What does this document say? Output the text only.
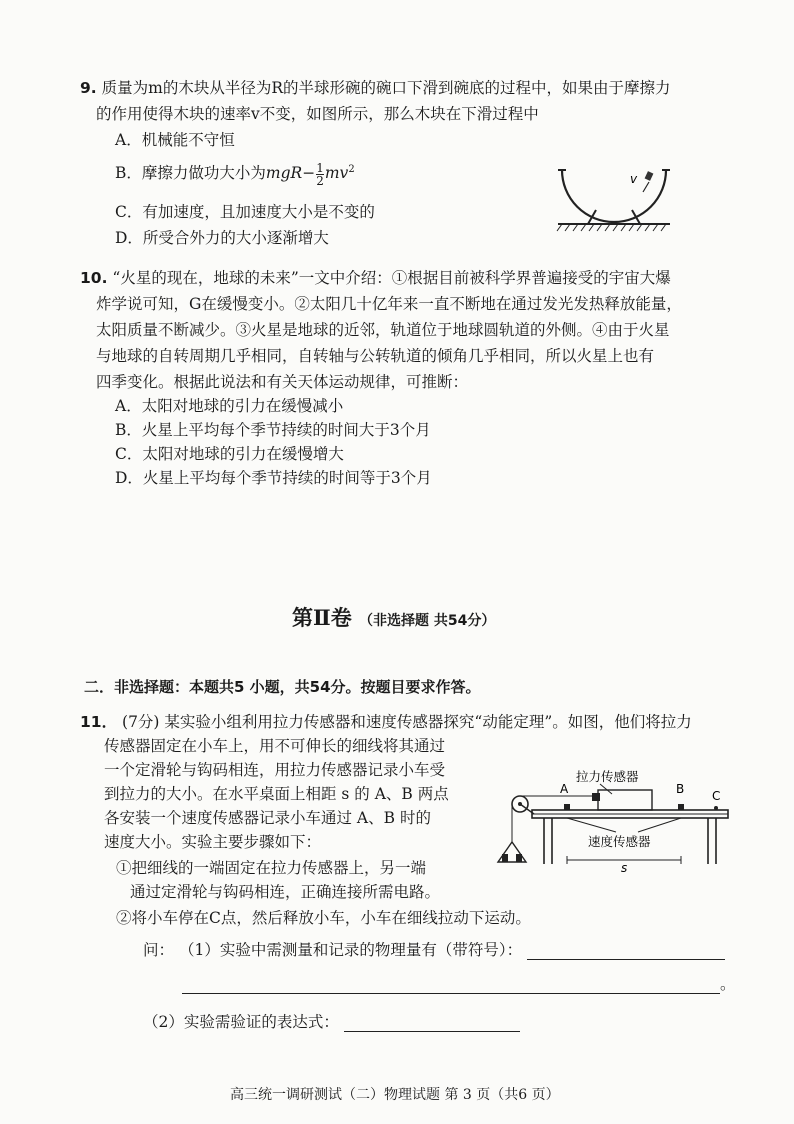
9. 质量为m的木块从半径为R的半球形碗的碗口下滑到碗底的过程中，如果由于摩擦力
的作用使得木块的速率v不变，如图所示，那么木块在下滑过程中
A．机械能不守恒
B．摩擦力做功大小为$mgR- \frac{1}{2} mv^2$
C．有加速度，且加速度大小是不变的
D．所受合外力的大小逐渐增大
v
10. “火星的现在，地球的未来”一文中介绍：①根据目前被科学界普遍接受的宇宙大爆
炸学说可知，G在缓慢变小。②太阳几十亿年来一直不断地在通过发光发热释放能量，
太阳质量不断减少。③火星是地球的近邻，轨道位于地球圆轨道的外侧。④由于火星
与地球的自转周期几乎相同，自转轴与公转轨道的倾角几乎相同，所以火星上也有
四季变化。根据此说法和有关天体运动规律，可推断：
A．太阳对地球的引力在缓慢减小
B．火星上平均每个季节持续的时间大于3个月
C．太阳对地球的引力在缓慢增大
D．火星上平均每个季节持续的时间等于3个月
第Ⅱ卷 （非选择题 共54分）
二．非选择题：本题共5 小题，共54分。按题目要求作答。
11． (7分) 某实验小组利用拉力传感器和速度传感器探究“动能定理”。如图，他们将拉力
传感器固定在小车上，用不可伸长的细线将其通过
一个定滑轮与钩码相连，用拉力传感器记录小车受
到拉力的大小。在水平桌面上相距 s 的 A、B 两点
各安装一个速度传感器记录小车通过 A、B 时的
速度大小。实验主要步骤如下：
①把细线的一端固定在拉力传感器上，另一端
通过定滑轮与钩码相连，正确连接所需电路。
②将小车停在C点，然后释放小车，小车在细线拉动下运动。
拉力传感器
A	B C
速度传感器
s
问： （1）实验中需测量和记录的物理量有（带符号）：
。
（2）实验需验证的表达式：
高三统一调研测试（二）物理试题 第 3 页（共6 页）
